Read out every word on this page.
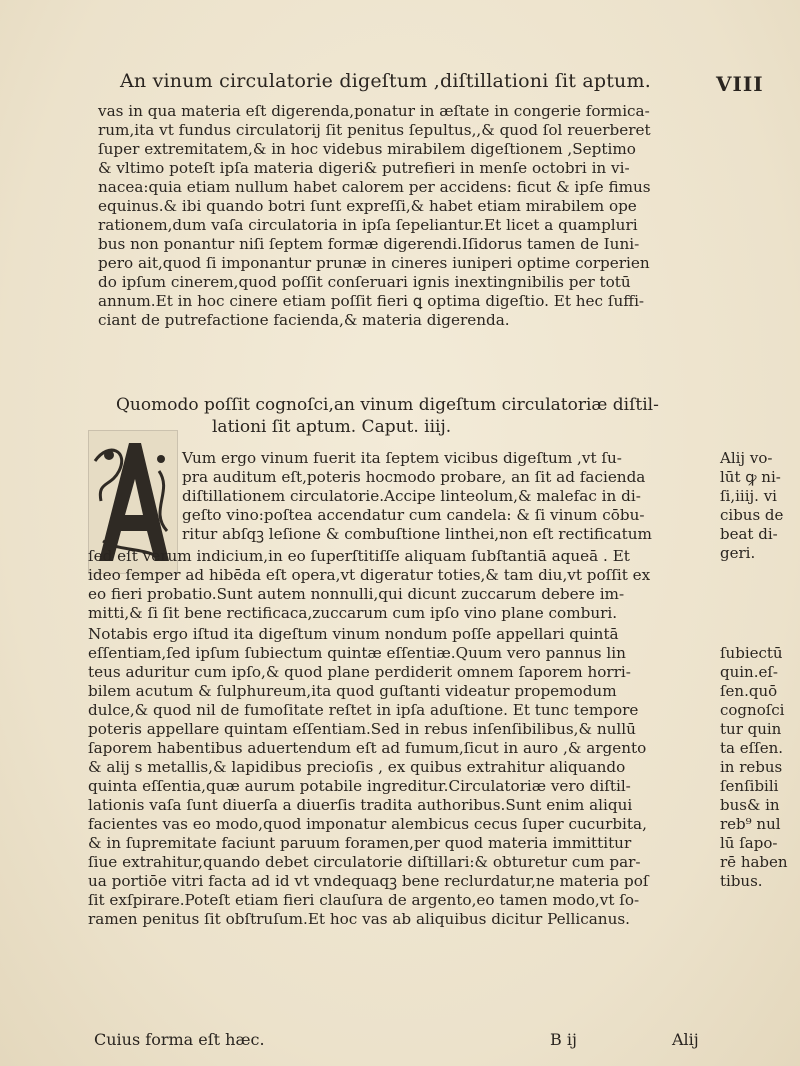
An vinum circulatorie digeſtum ,diſtillationi ſit aptum.	VIII
vas in qua materia eſt digerenda,ponatur in æſtate in congerie formica-
rum,ita vt fundus circulatorij ſit penitus ſepultus,,& quod ſol reuerberet
ſuper extremitatem,& in hoc videbus mirabilem digeſtionem ,Septimo
& vltimo poteſt ipſa materia digeri& putrefieri in menſe octobri in vi-
nacea:quia etiam nullum habet calorem per accidens: ficut & ipſe fimus
equinus.& ibi quando botri ſunt expreſſi,& habet etiam mirabilem ope
rationem,dum vaſa circulatoria in ipſa ſepeliantur.Et licet a quampluri
bus non ponantur niſi ſeptem formæ digerendi.Iſidorus tamen de Iuni-
pero ait,quod ſi imponantur prunæ in cineres iuniperi optime corperien
do ipſum cinerem,quod poſſit conſeruari ignis inextingnibilis per totū
annum.Et in hoc cinere etiam poſſit fieri ꝗ optima digeſtio. Et hec ſuffi-
ciant de putrefactione facienda,& materia digerenda.
Quomodo poſſit cognoſci,an vinum digeſtum circulatoriæ diſtil-
lationi ſit aptum. Caput. iiij.
Vum ergo vinum fuerit ita ſeptem vicibus digeſtum ,vt ſu-
pra auditum eſt,poteris hocmodo probare, an ſit ad facienda
diſtillationem circulatorie.Accipe linteolum,& malefac in di-
geſto vino:poſtea accendatur cum candela: & ſi vinum cōbu-
ritur abſqꝫ leſione & combuſtione linthei,non eſt rectificatum
ſed eſt verum indicium,in eo ſuperſtitiſſe aliquam ſubſtantiā aqueā . Et
ideo ſemper ad hibēda eſt opera,vt digeratur toties,& tam diu,vt poſſit ex
eo fieri probatio.Sunt autem nonnulli,qui dicunt zuccarum debere im-
mitti,& ſi ſit bene rectificaca,zuccarum cum ipſo vino plane comburi.
Notabis ergo iſtud ita digeſtum vinum nondum poſſe appellari quintā
eſſentiam,ſed ipſum ſubiectum quintæ eſſentiæ.Quum vero pannus lin
teus aduritur cum ipſo,& quod plane perdiderit omnem ſaporem horri-
bilem acutum & ſulphureum,ita quod guſtanti videatur propemodum
dulce,& quod nil de fumoſitate reſtet in ipſa aduſtione. Et tunc tempore
poteris appellare quintam eſſentiam.Sed in rebus inſenſibilibus,& nullū
ſaporem habentibus aduertendum eſt ad fumum,ſicut in auro ,& argento
& alij s metallis,& lapidibus precioſis , ex quibus extrahitur aliquando
quinta eſſentia,quæ aurum potabile ingreditur.Circulatoriæ vero diſtil-
lationis vaſa ſunt diuerſa a diuerſis tradita authoribus.Sunt enim aliqui
facientes vas eo modo,quod imponatur alembicus cecus ſuper cucurbita,
& in ſupremitate faciunt paruum foramen,per quod materia immittitur
ſiue extrahitur,quando debet circulatorie diſtillari:& obturetur cum par-
ua portiōe vitri facta ad id vt vndequaqꝫ bene reclurdatur,ne materia poſ
ſit exſpirare.Poteſt etiam fieri clauſura de argento,eo tamen modo,vt ſo-
ramen penitus ſit obſtruſum.Et hoc vas ab aliquibus dicitur Pellicanus.
Alij vo-
lūt ꝙ ni-
ſi,iiij. vi
cibus de
beat di-
geri.
ſubiectū
quin.eſ-
ſen.quō
cognoſci
tur quin
ta eſſen.
in rebus
ſenſibili
bus& in
reb⁹ nul
lū ſapo-
rē haben
tibus.
Cuius forma eſt hæc.	B ij	Alij
